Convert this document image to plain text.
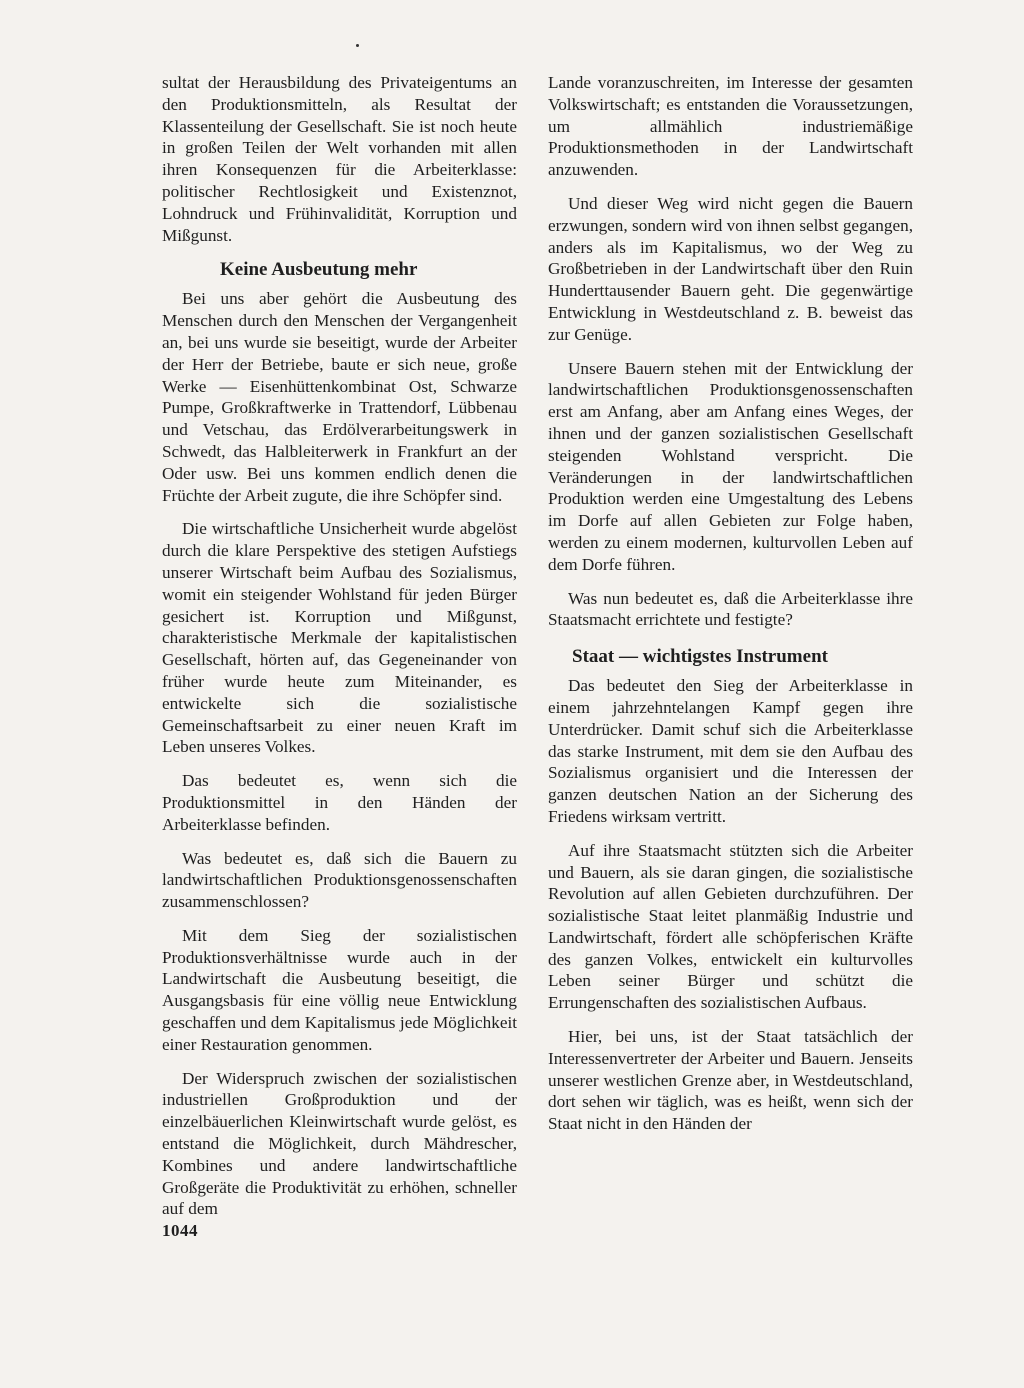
sultat der Herausbildung des Privateigentums an den Produktionsmitteln, als Resultat der Klassenteilung der Gesellschaft. Sie ist noch heute in großen Teilen der Welt vorhanden mit allen ihren Konsequenzen für die Arbeiterklasse: politischer Rechtlosigkeit und Existenznot, Lohndruck und Frühinvalidität, Korruption und Mißgunst.

Keine Ausbeutung mehr

Bei uns aber gehört die Ausbeutung des Menschen durch den Menschen der Vergangenheit an, bei uns wurde sie beseitigt, wurde der Arbeiter der Herr der Betriebe, baute er sich neue, große Werke — Eisenhüttenkombinat Ost, Schwarze Pumpe, Großkraftwerke in Trattendorf, Lübbenau und Vetschau, das Erdölverarbeitungswerk in Schwedt, das Halbleiterwerk in Frankfurt an der Oder usw. Bei uns kommen endlich denen die Früchte der Arbeit zugute, die ihre Schöpfer sind.

Die wirtschaftliche Unsicherheit wurde abgelöst durch die klare Perspektive des stetigen Aufstiegs unserer Wirtschaft beim Aufbau des Sozialismus, womit ein steigender Wohlstand für jeden Bürger gesichert ist. Korruption und Mißgunst, charakteristische Merkmale der kapitalistischen Gesellschaft, hörten auf, das Gegeneinander von früher wurde heute zum Miteinander, es entwickelte sich die sozialistische Gemeinschaftsarbeit zu einer neuen Kraft im Leben unseres Volkes.

Das bedeutet es, wenn sich die Produktionsmittel in den Händen der Arbeiterklasse befinden.

Was bedeutet es, daß sich die Bauern zu landwirtschaftlichen Produktionsgenossenschaften zusammenschlossen?

Mit dem Sieg der sozialistischen Produktionsverhältnisse wurde auch in der Landwirtschaft die Ausbeutung beseitigt, die Ausgangsbasis für eine völlig neue Entwicklung geschaffen und dem Kapitalismus jede Möglichkeit einer Restauration genommen.

Der Widerspruch zwischen der sozialistischen industriellen Großproduktion und der einzelbäuerlichen Kleinwirtschaft wurde gelöst, es entstand die Möglichkeit, durch Mähdrescher, Kombines und andere landwirtschaftliche Großgeräte die Produktivität zu erhöhen, schneller auf dem

Lande voranzuschreiten, im Interesse der gesamten Volkswirtschaft; es entstanden die Voraussetzungen, um allmählich industriemäßige Produktionsmethoden in der Landwirtschaft anzuwenden.

Und dieser Weg wird nicht gegen die Bauern erzwungen, sondern wird von ihnen selbst gegangen, anders als im Kapitalismus, wo der Weg zu Großbetrieben in der Landwirtschaft über den Ruin Hunderttausender Bauern geht. Die gegenwärtige Entwicklung in Westdeutschland z. B. beweist das zur Genüge.

Unsere Bauern stehen mit der Entwicklung der landwirtschaftlichen Produktionsgenossenschaften erst am Anfang, aber am Anfang eines Weges, der ihnen und der ganzen sozialistischen Gesellschaft steigenden Wohlstand verspricht. Die Veränderungen in der landwirtschaftlichen Produktion werden eine Umgestaltung des Lebens im Dorfe auf allen Gebieten zur Folge haben, werden zu einem modernen, kulturvollen Leben auf dem Dorfe führen.

Was nun bedeutet es, daß die Arbeiterklasse ihre Staatsmacht errichtete und festigte?

Staat — wichtigstes Instrument

Das bedeutet den Sieg der Arbeiterklasse in einem jahrzehntelangen Kampf gegen ihre Unterdrücker. Damit schuf sich die Arbeiterklasse das starke Instrument, mit dem sie den Aufbau des Sozialismus organisiert und die Interessen der ganzen deutschen Nation an der Sicherung des Friedens wirksam vertritt.

Auf ihre Staatsmacht stützten sich die Arbeiter und Bauern, als sie daran gingen, die sozialistische Revolution auf allen Gebieten durchzuführen. Der sozialistische Staat leitet planmäßig Industrie und Landwirtschaft, fördert alle schöpferischen Kräfte des ganzen Volkes, entwickelt ein kulturvolles Leben seiner Bürger und schützt die Errungenschaften des sozialistischen Aufbaus.

Hier, bei uns, ist der Staat tatsächlich der Interessenvertreter der Arbeiter und Bauern. Jenseits unserer westlichen Grenze aber, in Westdeutschland, dort sehen wir täglich, was es heißt, wenn sich der Staat nicht in den Händen der

1044
